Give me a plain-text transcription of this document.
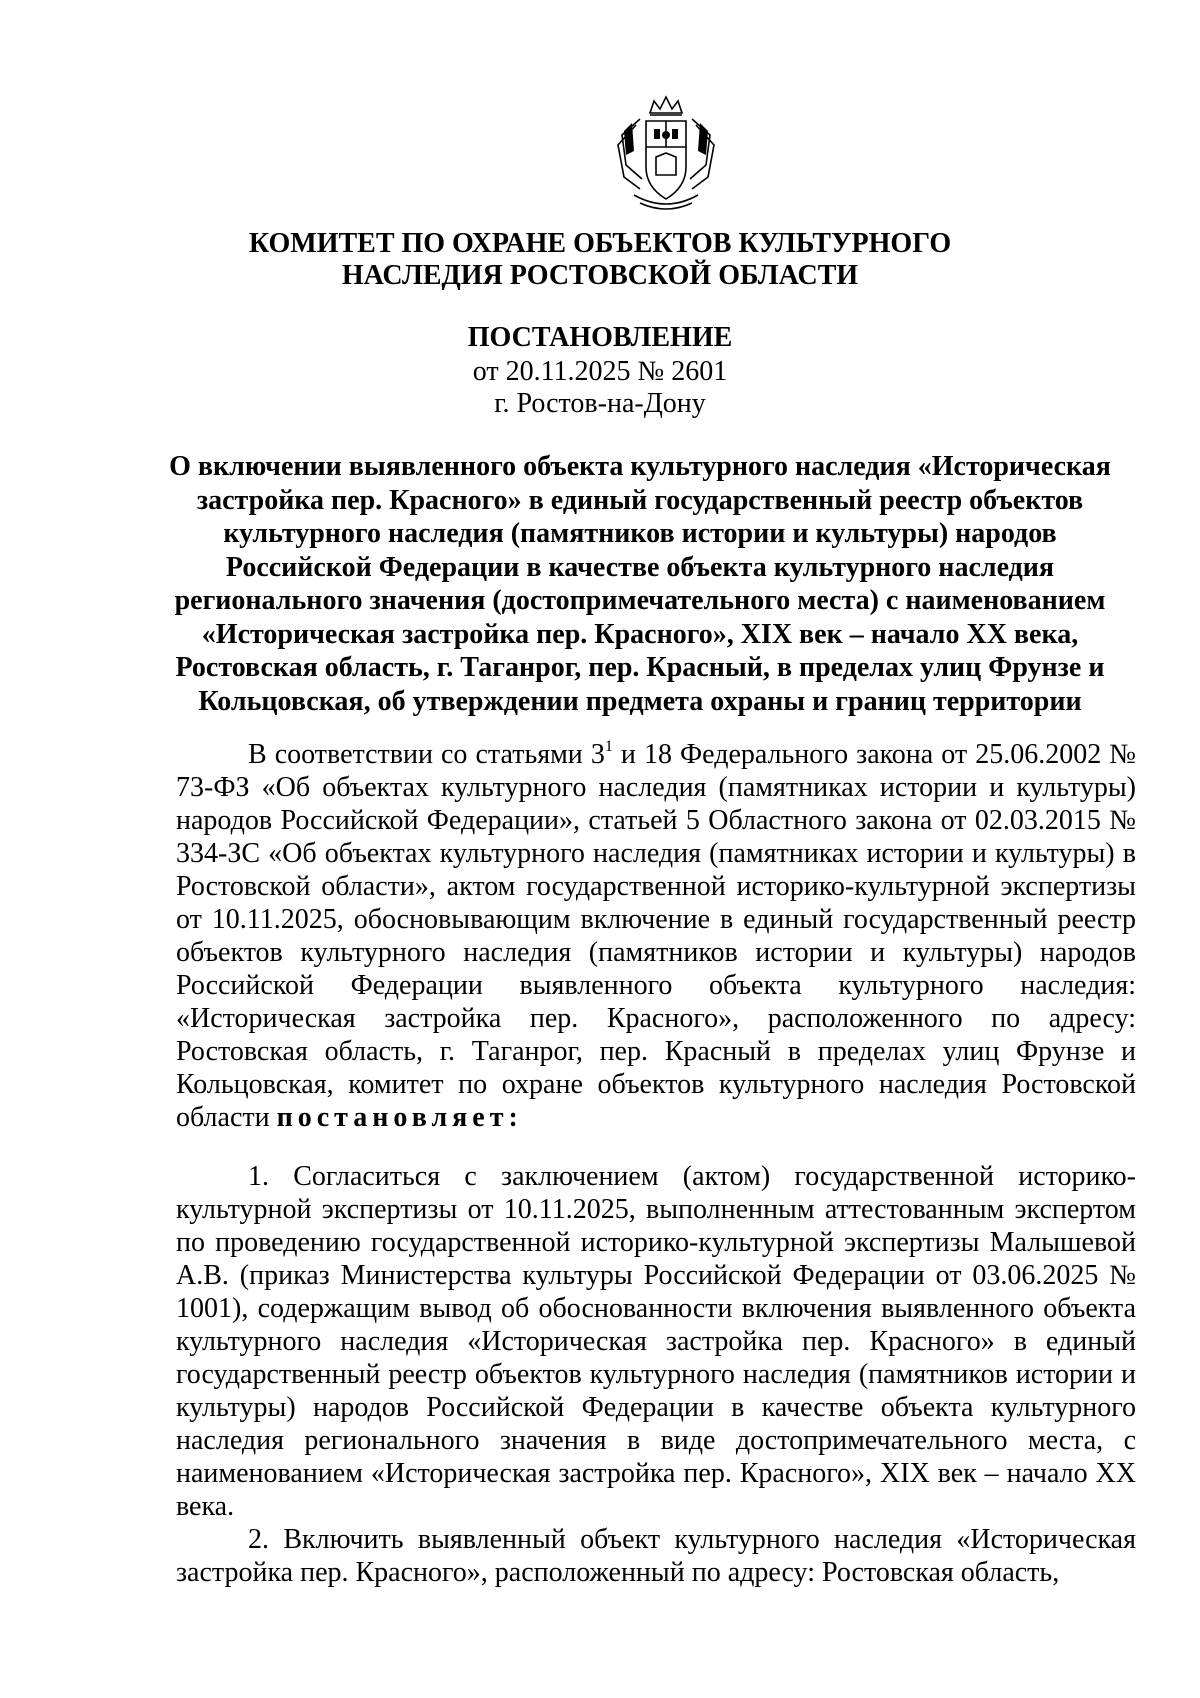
КОМИТЕТ ПО ОХРАНЕ ОБЪЕКТОВ КУЛЬТУРНОГО
НАСЛЕДИЯ РОСТОВСКОЙ ОБЛАСТИ
ПОСТАНОВЛЕНИЕ
от 20.11.2025 № 2601
г. Ростов-на-Дону
О включении выявленного объекта культурного наследия «Историческая застройка пер. Красного» в единый государственный реестр объектов культурного наследия (памятников истории и культуры) народов Российской Федерации в качестве объекта культурного наследия регионального значения (достопримечательного места) с наименованием «Историческая застройка пер. Красного», XIX век – начало XX века, Ростовская область, г. Таганрог, пер. Красный, в пределах улиц Фрунзе и Кольцовская, об утверждении предмета охраны и границ территории

В соответствии со статьями $3^1$ и 18 Федерального закона от 25.06.2002 № 73-ФЗ «Об объектах культурного наследия (памятниках истории и культуры) народов Российской Федерации», статьей 5 Областного закона от 02.03.2015 № 334-ЗС «Об объектах культурного наследия (памятниках истории и культуры) в Ростовской области», актом государственной историко-культурной экспертизы от 10.11.2025, обосновывающим включение в единый государственный реестр объектов культурного наследия (памятников истории и культуры) народов Российской Федерации выявленного объекта культурного наследия: «Историческая застройка пер. Красного», расположенного по адресу: Ростовская область, г. Таганрог, пер. Красный в пределах улиц Фрунзе и Кольцовская, комитет по охране объектов культурного наследия Ростовской области постановляет:

1. Согласиться с заключением (актом) государственной историко-культурной экспертизы от 10.11.2025, выполненным аттестованным экспертом по проведению государственной историко-культурной экспертизы Малышевой А.В. (приказ Министерства культуры Российской Федерации от 03.06.2025 № 1001), содержащим вывод об обоснованности включения выявленного объекта культурного наследия «Историческая застройка пер. Красного» в единый государственный реестр объектов культурного наследия (памятников истории и культуры) народов Российской Федерации в качестве объекта культурного наследия регионального значения в виде достопримечательного места, с наименованием «Историческая застройка пер. Красного», XIX век – начало XX века.

2. Включить выявленный объект культурного наследия «Историческая застройка пер. Красного», расположенный по адресу: Ростовская область,
